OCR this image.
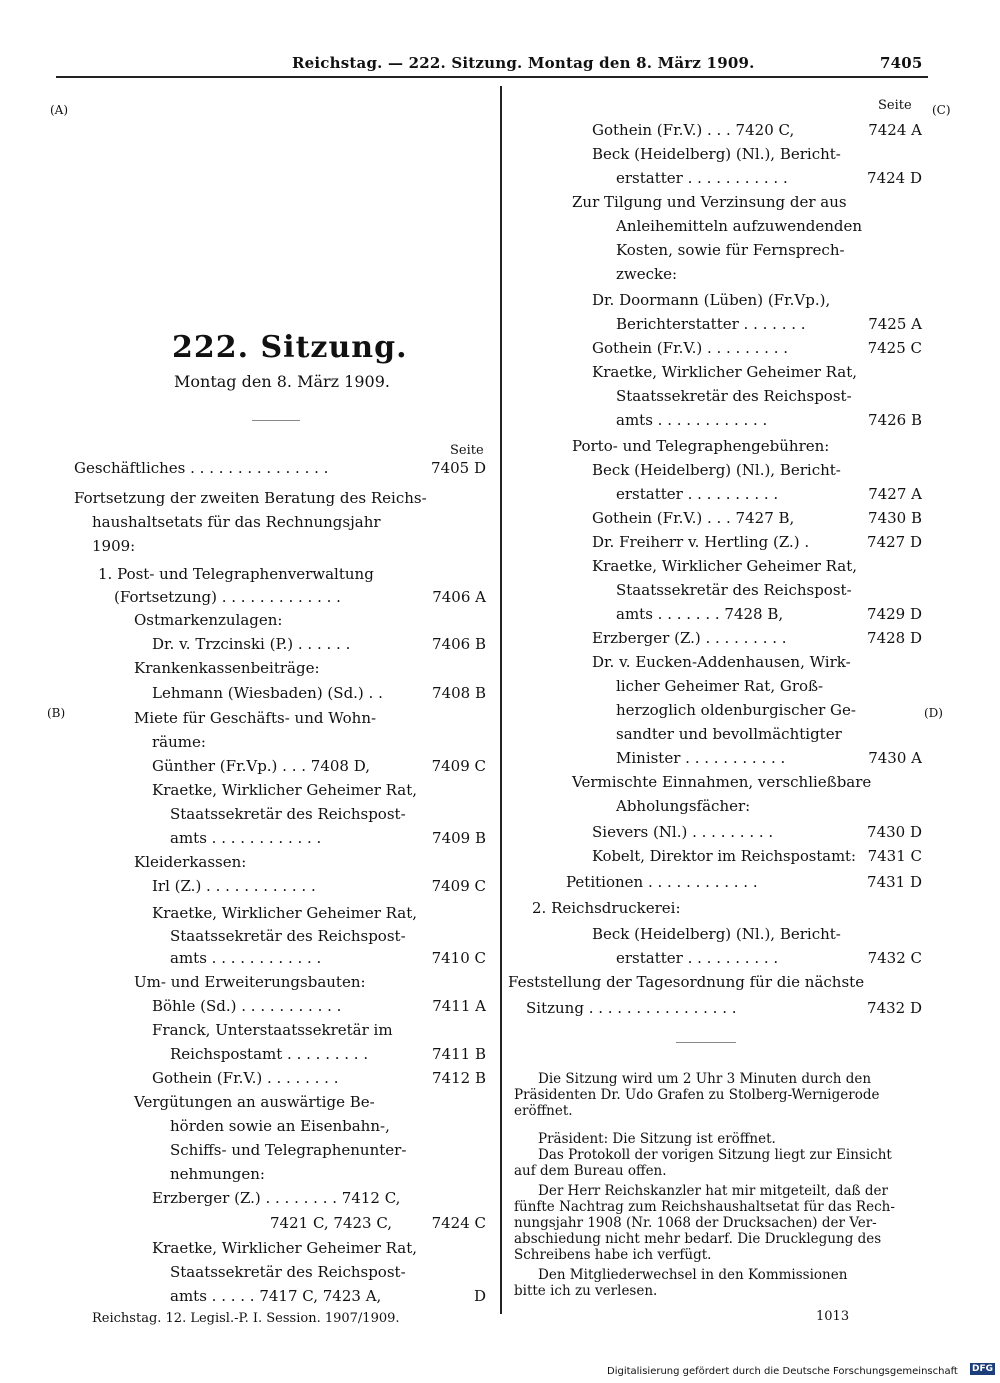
Reichstag. — 222. Sitzung. Montag den 8. März 1909.	7405
(A)
(B)
(C)
(D)
222. Sitzung.
Montag den 8. März 1909.
Seite
Geschäftliches . . . . . . . . . . . . . . .	7405 D
Fortsetzung der zweiten Beratung des Reichs-
haushaltsetats für das Rechnungsjahr
1909:
1. Post- und Telegraphenverwaltung
(Fortsetzung) . . . . . . . . . . . . .	7406 A
Ostmarkenzulagen:
Dr. v. Trzcinski (P.) . . . . . .	7406 B
Krankenkassenbeiträge:
Lehmann (Wiesbaden) (Sd.) . .	7408 B
Miete für Geschäfts- und Wohn-
räume:
Günther (Fr.Vp.) . . . 7408 D,	7409 C
Kraetke, Wirklicher Geheimer Rat,
Staatssekretär des Reichspost-
amts . . . . . . . . . . . .	7409 B
Kleiderkassen:
Irl (Z.) . . . . . . . . . . . .	7409 C
Kraetke, Wirklicher Geheimer Rat,
Staatssekretär des Reichspost-
amts . . . . . . . . . . . .	7410 C
Um- und Erweiterungsbauten:
Böhle (Sd.) . . . . . . . . . . .	7411 A
Franck, Unterstaatssekretär im
Reichspostamt . . . . . . . . .	7411 B
Gothein (Fr.V.) . . . . . . . .	7412 B
Vergütungen an auswärtige Be-
hörden sowie an Eisenbahn-,
Schiffs- und Telegraphenunter-
nehmungen:
Erzberger (Z.) . . . . . . . . 7412 C,
7421 C, 7423 C,	7424 C
Kraetke, Wirklicher Geheimer Rat,
Staatssekretär des Reichspost-
amts . . . . . 7417 C, 7423 A,	D
Seite
Gothein (Fr.V.) . . . 7420 C,	7424 A
Beck (Heidelberg) (Nl.), Bericht-
erstatter . . . . . . . . . . .	7424 D
Zur Tilgung und Verzinsung der aus
Anleihemitteln aufzuwendenden
Kosten, sowie für Fernsprech-
zwecke:
Dr. Doormann (Lüben) (Fr.Vp.),
Berichterstatter . . . . . . .	7425 A
Gothein (Fr.V.) . . . . . . . . .	7425 C
Kraetke, Wirklicher Geheimer Rat,
Staatssekretär des Reichspost-
amts . . . . . . . . . . . .	7426 B
Porto- und Telegraphengebühren:
Beck (Heidelberg) (Nl.), Bericht-
erstatter . . . . . . . . . .	7427 A
Gothein (Fr.V.) . . . 7427 B,	7430 B
Dr. Freiherr v. Hertling (Z.) .	7427 D
Kraetke, Wirklicher Geheimer Rat,
Staatssekretär des Reichspost-
amts . . . . . . . 7428 B,	7429 D
Erzberger (Z.) . . . . . . . . .	7428 D
Dr. v. Eucken-Addenhausen, Wirk-
licher Geheimer Rat, Groß-
herzoglich oldenburgischer Ge-
sandter und bevollmächtigter
Minister . . . . . . . . . . .	7430 A
Vermischte Einnahmen, verschließbare
Abholungsfächer:
Sievers (Nl.) . . . . . . . . .	7430 D
Kobelt, Direktor im Reichspostamt: 7431 C
Petitionen . . . . . . . . . . . .	7431 D
2. Reichsdruckerei:
Beck (Heidelberg) (Nl.), Bericht-
erstatter . . . . . . . . . .	7432 C
Feststellung der Tagesordnung für die nächste
Sitzung . . . . . . . . . . . . . . . .	7432 D
Die Sitzung wird um 2 Uhr 3 Minuten durch den
Präsidenten Dr. Udo Grafen zu Stolberg-Wernigerode
eröffnet.
Präsident: Die Sitzung ist eröffnet.
Das Protokoll der vorigen Sitzung liegt zur Einsicht
auf dem Bureau offen.
Der Herr Reichskanzler hat mir mitgeteilt, daß der
fünfte Nachtrag zum Reichshaushaltsetat für das Rech-
nungsjahr 1908 (Nr. 1068 der Drucksachen) der Ver-
abschiedung nicht mehr bedarf. Die Drucklegung des
Schreibens habe ich verfügt.
Den Mitgliederwechsel in den Kommissionen
bitte ich zu verlesen.
Reichstag. 12. Legisl.-P. I. Session. 1907/1909.	1013
Digitalisierung gefördert durch die Deutsche Forschungsgemeinschaft DFG
